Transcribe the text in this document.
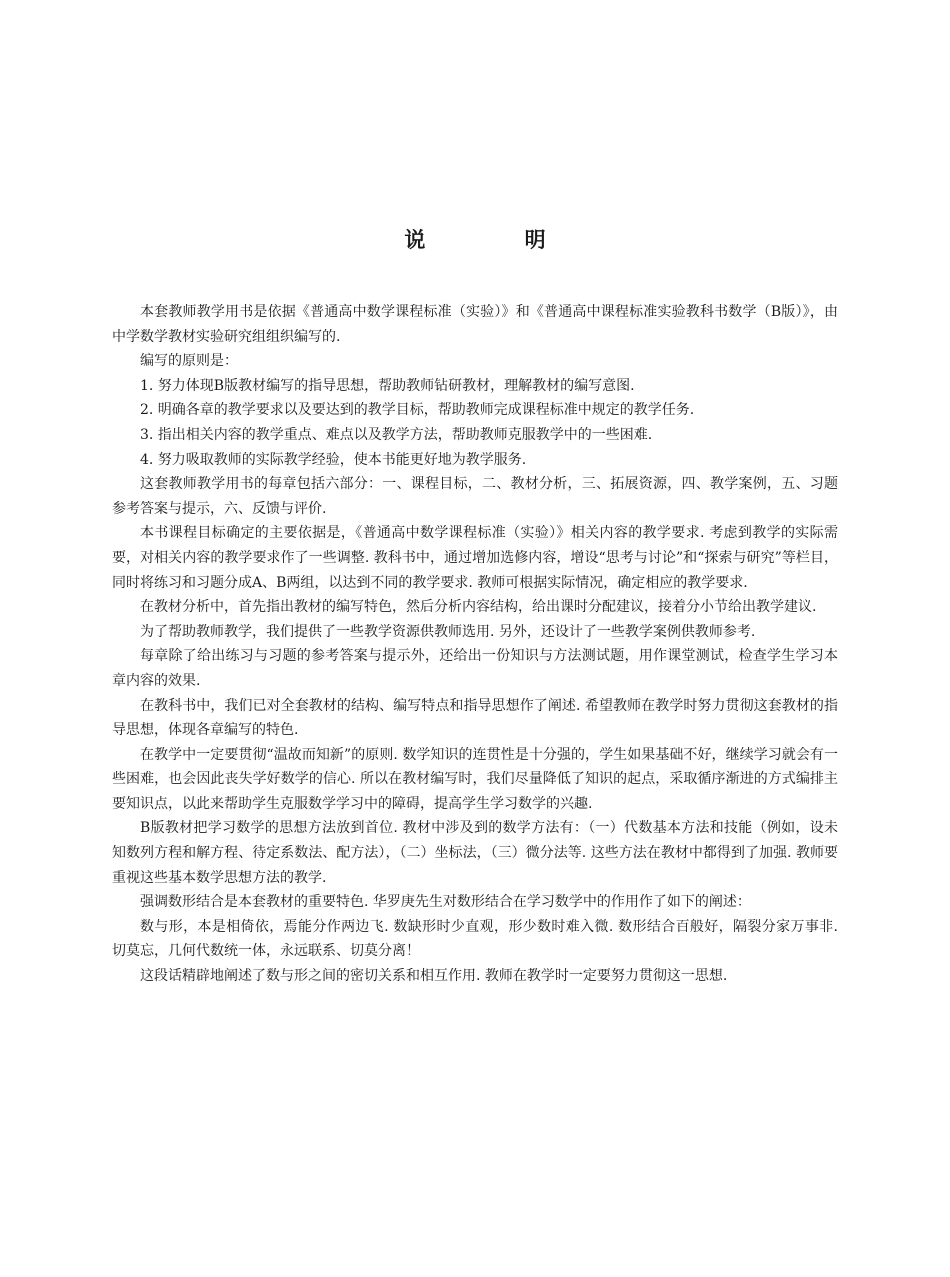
说 明

本套教师教学用书是依据《普通高中数学课程标准（实验）》和《普通高中课程标准实验教科书数学（B版）》，由中学数学教材实验研究组组织编写的.

编写的原则是：

1. 努力体现B版教材编写的指导思想，帮助教师钻研教材，理解教材的编写意图.

2. 明确各章的教学要求以及要达到的教学目标，帮助教师完成课程标准中规定的教学任务.

3. 指出相关内容的教学重点、难点以及教学方法，帮助教师克服教学中的一些困难.

4. 努力吸取教师的实际教学经验，使本书能更好地为教学服务.

这套教师教学用书的每章包括六部分：一、课程目标，二、教材分析，三、拓展资源，四、教学案例，五、习题参考答案与提示，六、反馈与评价.

本书课程目标确定的主要依据是，《普通高中数学课程标准（实验）》相关内容的教学要求. 考虑到教学的实际需要，对相关内容的教学要求作了一些调整. 教科书中，通过增加选修内容，增设“思考与讨论”和“探索与研究”等栏目，同时将练习和习题分成A、B两组，以达到不同的教学要求. 教师可根据实际情况，确定相应的教学要求.

在教材分析中，首先指出教材的编写特色，然后分析内容结构，给出课时分配建议，接着分小节给出教学建议.

为了帮助教师教学，我们提供了一些教学资源供教师选用. 另外，还设计了一些教学案例供教师参考.

每章除了给出练习与习题的参考答案与提示外，还给出一份知识与方法测试题，用作课堂测试，检查学生学习本章内容的效果.

在教科书中，我们已对全套教材的结构、编写特点和指导思想作了阐述. 希望教师在教学时努力贯彻这套教材的指导思想，体现各章编写的特色.

在教学中一定要贯彻“温故而知新”的原则. 数学知识的连贯性是十分强的，学生如果基础不好，继续学习就会有一些困难，也会因此丧失学好数学的信心. 所以在教材编写时，我们尽量降低了知识的起点，采取循序渐进的方式编排主要知识点，以此来帮助学生克服数学学习中的障碍，提高学生学习数学的兴趣.

B版教材把学习数学的思想方法放到首位. 教材中涉及到的数学方法有：（一）代数基本方法和技能（例如，设未知数列方程和解方程、待定系数法、配方法），（二）坐标法，（三）微分法等. 这些方法在教材中都得到了加强. 教师要重视这些基本数学思想方法的教学.

强调数形结合是本套教材的重要特色. 华罗庚先生对数形结合在学习数学中的作用作了如下的阐述：

数与形，本是相倚依，焉能分作两边飞. 数缺形时少直观，形少数时难入微. 数形结合百般好，隔裂分家万事非. 切莫忘，几何代数统一体，永远联系、切莫分离！

这段话精辟地阐述了数与形之间的密切关系和相互作用. 教师在教学时一定要努力贯彻这一思想.
